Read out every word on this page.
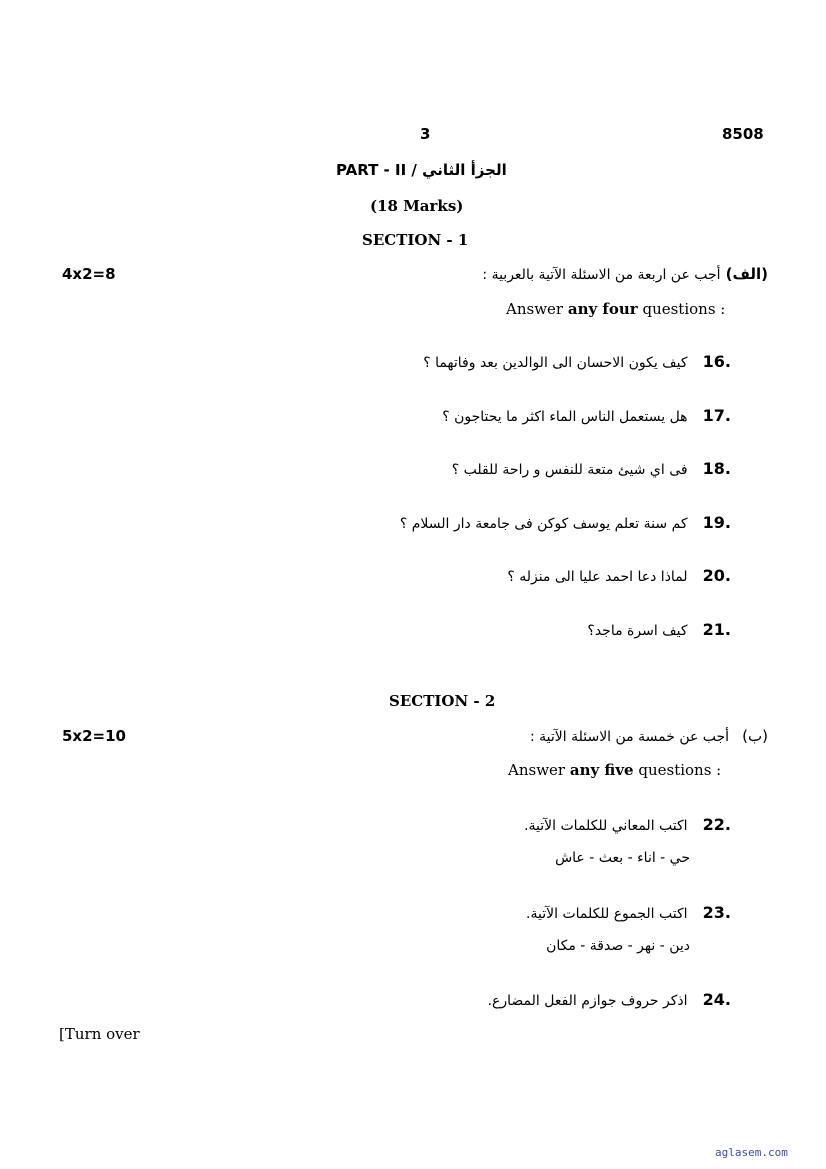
3	8508
PART - II / الجزأ الثاني
(18 Marks)
SECTION - 1
4x2=8	(الف) أجب عن اربعة من الاسئلة الآتية بالعربية :
Answer any four questions :
16. كيف يكون الاحسان الى الوالدين بعد وفاتهما ؟
17. هل يستعمل الناس الماء اكثر ما يحتاجون ؟
18. فى اي شيئ متعة للنفس و راحة للقلب ؟
19. كم سنة تعلم يوسف كوكن فى جامعة دار السلام ؟
20. لماذا دعا احمد عليا الى منزله ؟
21. كيف اسرة ماجد؟
SECTION - 2
5x2=10	(ب) أجب عن خمسة من الاسئلة الآتية :
Answer any five questions :
22. اكتب المعاني للكلمات الآتية.
حي - اناء - بعث - عاش
23. اكتب الجموع للكلمات الآتية.
دين - نهر - صدقة - مكان
24. اذكر حروف جوازم الفعل المضارع.
[Turn over
aglasem.com
